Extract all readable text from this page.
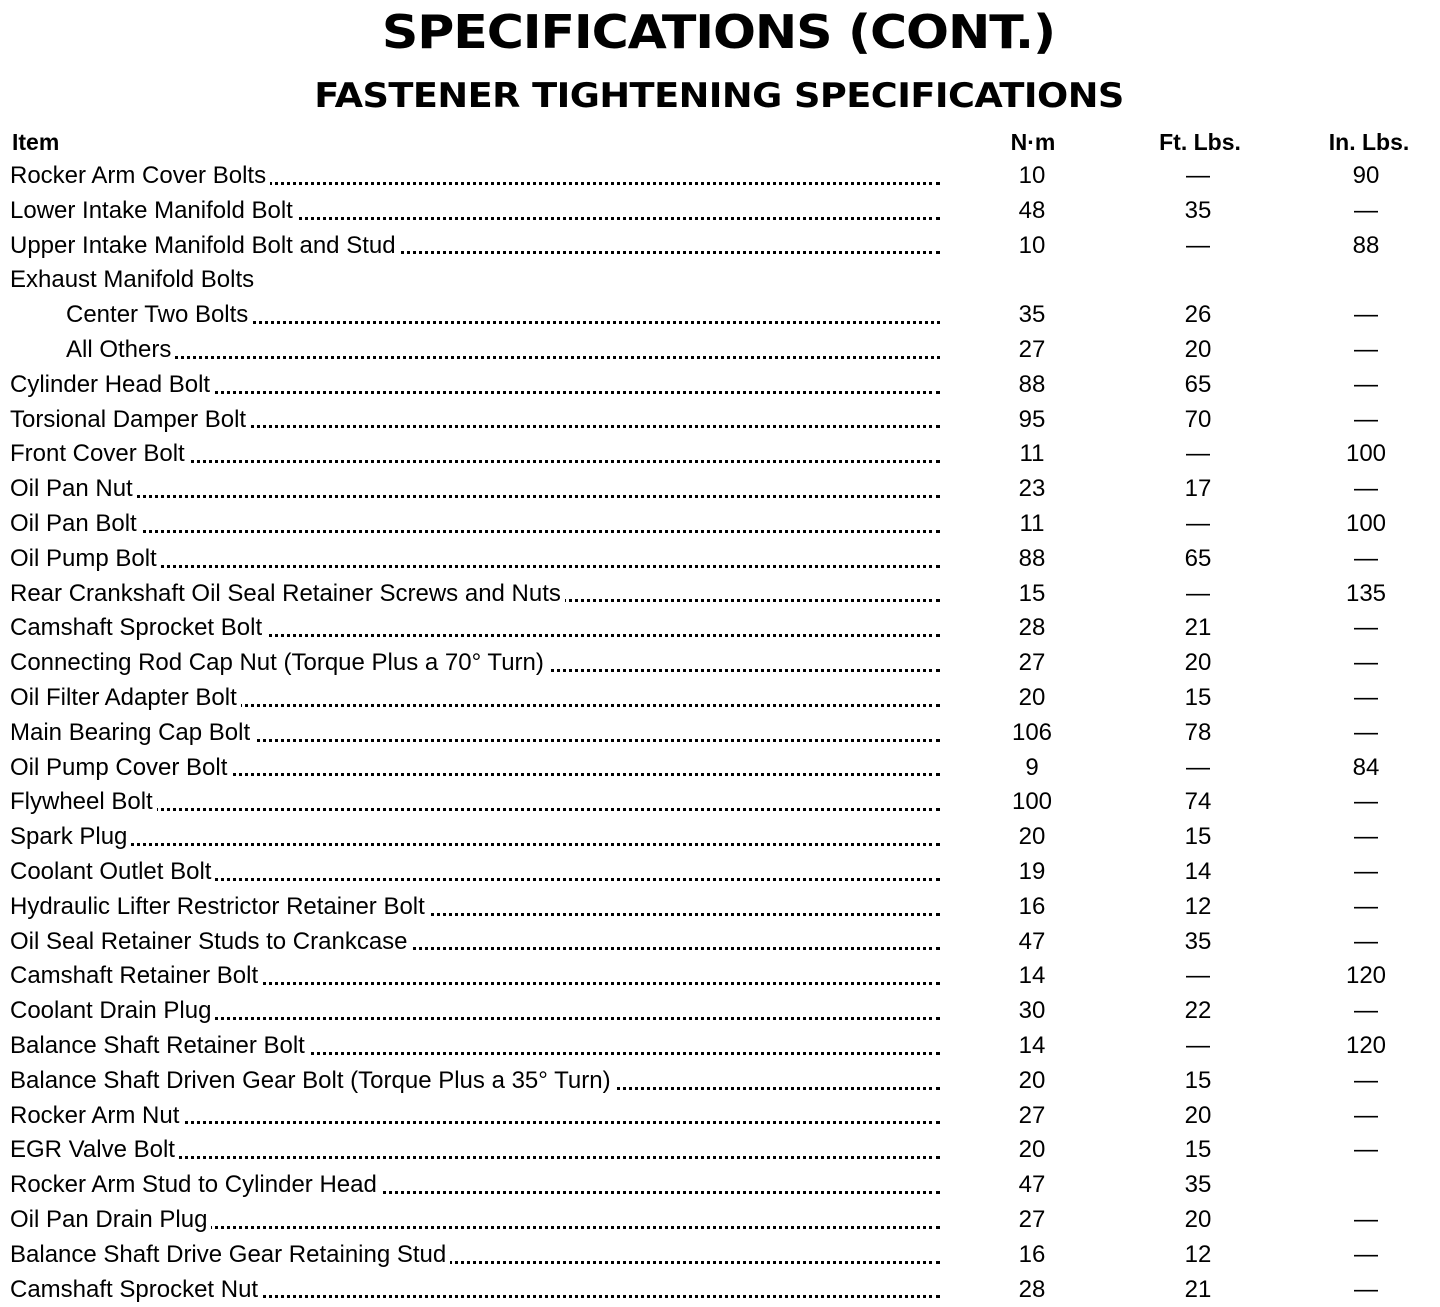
SPECIFICATIONS (CONT.)
FASTENER TIGHTENING SPECIFICATIONS
Item	N·m	Ft. Lbs.	In. Lbs.
Rocker Arm Cover Bolts	10	—	90
Lower Intake Manifold Bolt	48	35	—
Upper Intake Manifold Bolt and Stud	10	—	88
Exhaust Manifold Bolts
Center Two Bolts	35	26	—
All Others	27	20	—
Cylinder Head Bolt	88	65	—
Torsional Damper Bolt	95	70	—
Front Cover Bolt	11	—	100
Oil Pan Nut	23	17	—
Oil Pan Bolt	11	—	100
Oil Pump Bolt	88	65	—
Rear Crankshaft Oil Seal Retainer Screws and Nuts	15	—	135
Camshaft Sprocket Bolt	28	21	—
Connecting Rod Cap Nut (Torque Plus a 70° Turn)	27	20	—
Oil Filter Adapter Bolt	20	15	—
Main Bearing Cap Bolt	106	78	—
Oil Pump Cover Bolt	9	—	84
Flywheel Bolt	100	74	—
Spark Plug	20	15	—
Coolant Outlet Bolt	19	14	—
Hydraulic Lifter Restrictor Retainer Bolt	16	12	—
Oil Seal Retainer Studs to Crankcase	47	35	—
Camshaft Retainer Bolt	14	—	120
Coolant Drain Plug	30	22	—
Balance Shaft Retainer Bolt	14	—	120
Balance Shaft Driven Gear Bolt (Torque Plus a 35° Turn)	20	15	—
Rocker Arm Nut	27	20	—
EGR Valve Bolt	20	15	—
Rocker Arm Stud to Cylinder Head	47	35
Oil Pan Drain Plug	27	20	—
Balance Shaft Drive Gear Retaining Stud	16	12	—
Camshaft Sprocket Nut	28	21	—
